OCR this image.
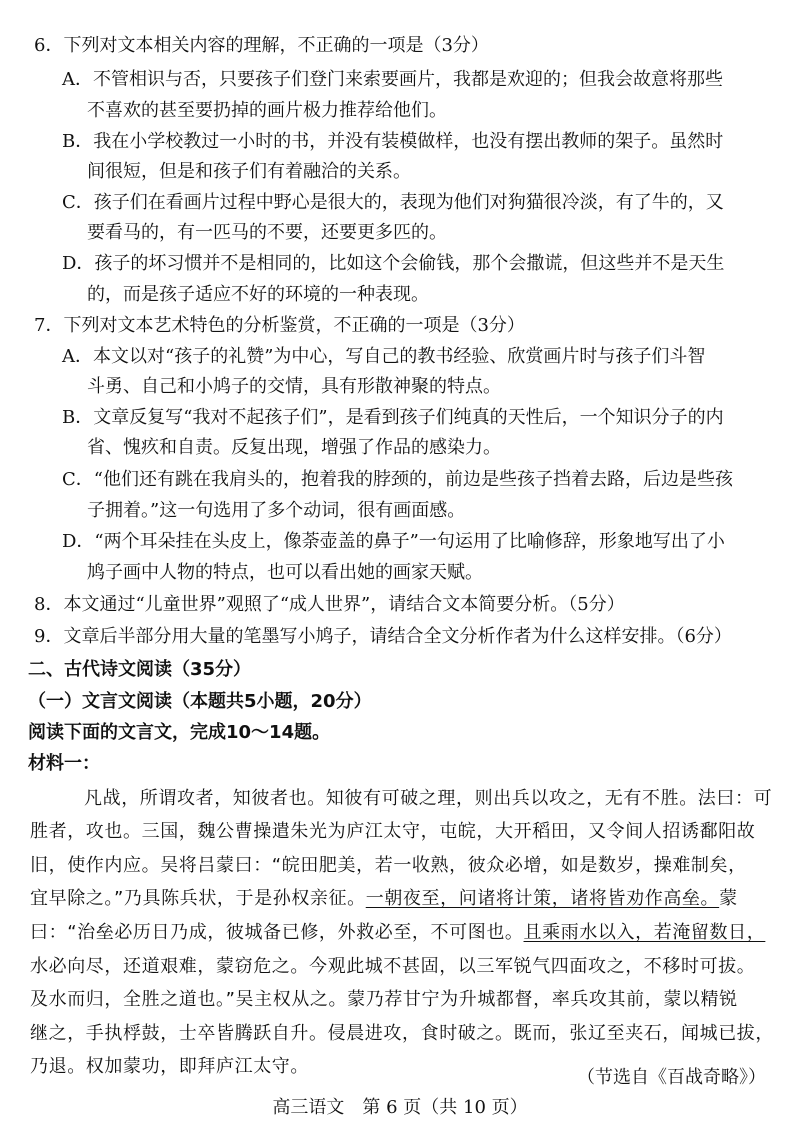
6．下列对文本相关内容的理解，不正确的一项是（3分）
A．不管相识与否，只要孩子们登门来索要画片，我都是欢迎的；但我会故意将那些
不喜欢的甚至要扔掉的画片极力推荐给他们。
B．我在小学校教过一小时的书，并没有装模做样，也没有摆出教师的架子。虽然时
间很短，但是和孩子们有着融洽的关系。
C．孩子们在看画片过程中野心是很大的，表现为他们对狗猫很冷淡，有了牛的，又
要看马的，有一匹马的不要，还要更多匹的。
D．孩子的坏习惯并不是相同的，比如这个会偷钱，那个会撒谎，但这些并不是天生
的，而是孩子适应不好的环境的一种表现。
7．下列对文本艺术特色的分析鉴赏，不正确的一项是（3分）
A．本文以对“孩子的礼赞”为中心，写自己的教书经验、欣赏画片时与孩子们斗智
斗勇、自己和小鸠子的交情，具有形散神聚的特点。
B．文章反复写“我对不起孩子们”，是看到孩子们纯真的天性后，一个知识分子的内
省、愧疚和自责。反复出现，增强了作品的感染力。
C．“他们还有跳在我肩头的，抱着我的脖颈的，前边是些孩子挡着去路，后边是些孩
子拥着。”这一句选用了多个动词，很有画面感。
D．“两个耳朵挂在头皮上，像荼壶盖的鼻子”一句运用了比喻修辞，形象地写出了小
鸠子画中人物的特点，也可以看出她的画家天赋。
8．本文通过“儿童世界”观照了“成人世界”，请结合文本简要分析。（5分）
9．文章后半部分用大量的笔墨写小鸠子，请结合全文分析作者为什么这样安排。（6分）
二、古代诗文阅读（35分）
（一）文言文阅读（本题共5小题，20分）
阅读下面的文言文，完成10～14题。
材料一：
凡战，所谓攻者，知彼者也。知彼有可破之理，则出兵以攻之，无有不胜。法曰：可
胜者，攻也。三国，魏公曹操遣朱光为庐江太守，屯皖，大开稻田，又令间人招诱鄱阳故
旧，使作内应。吴将吕蒙曰：“皖田肥美，若一收熟，彼众必增，如是数岁，操难制矣，
宜早除之。”乃具陈兵状，于是孙权亲征。一朝夜至，问诸将计策，诸将皆劝作高垒。蒙
曰：“治垒必历日乃成，彼城备已修，外救必至，不可图也。且乘雨水以入，若淹留数日，
水必向尽，还道艰难，蒙窃危之。今观此城不甚固，以三军锐气四面攻之，不移时可拔。
及水而归，全胜之道也。”吴主权从之。蒙乃荐甘宁为升城都督，率兵攻其前，蒙以精锐
继之，手执桴鼓，士卒皆腾跃自升。侵晨进攻，食时破之。既而，张辽至夹石，闻城已拔，
乃退。权加蒙功，即拜庐江太守。
（节选自《百战奇略》）
高三语文　第 6 页（共 10 页）
